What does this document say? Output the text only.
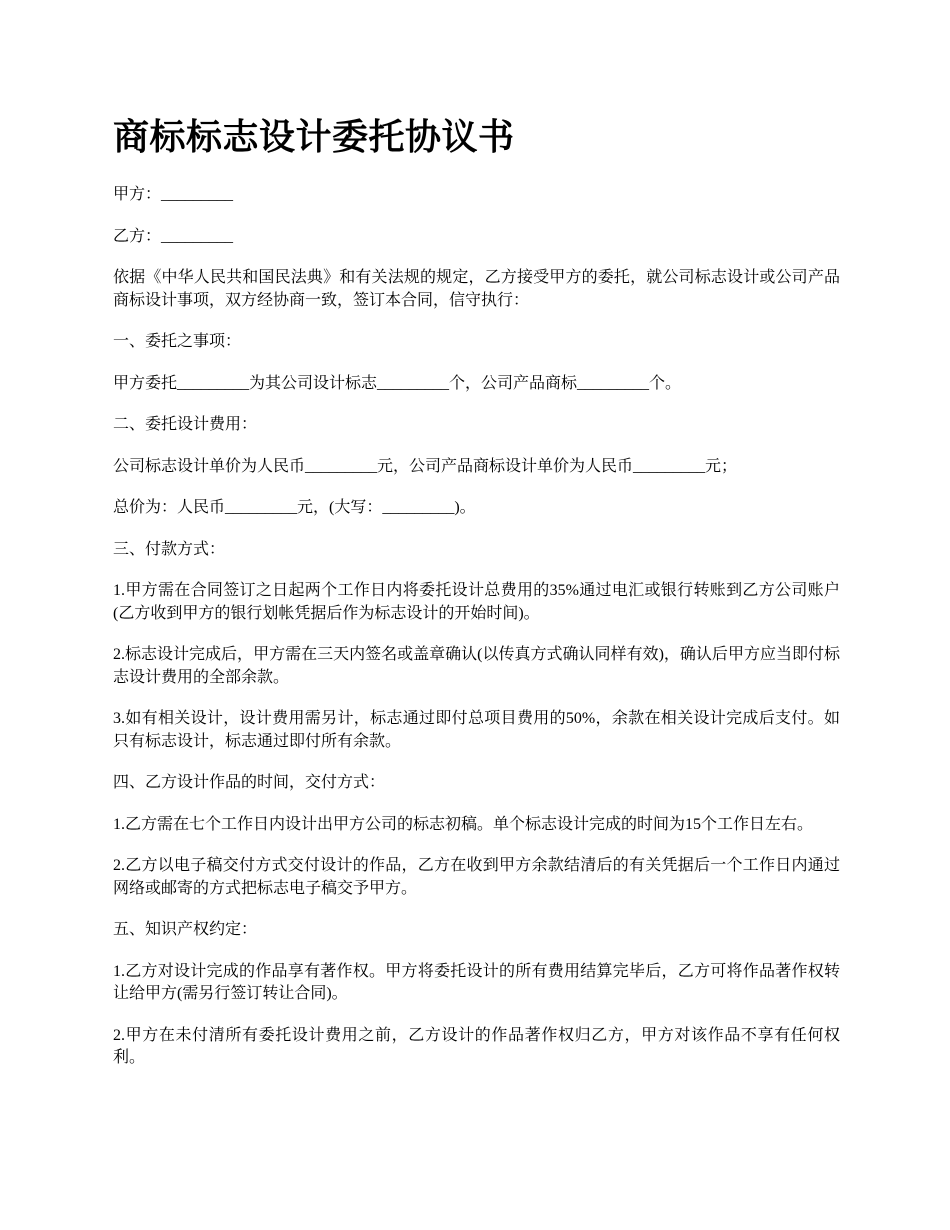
商标标志设计委托协议书

甲方：_________

乙方：_________

依据《中华人民共和国民法典》和有关法规的规定，乙方接受甲方的委托，就公司标志设计或公司产品商标设计事项，双方经协商一致，签订本合同，信守执行：

一、委托之事项：

甲方委托_________为其公司设计标志_________个，公司产品商标_________个。

二、委托设计费用：

公司标志设计单价为人民币_________元，公司产品商标设计单价为人民币_________元；

总价为：人民币_________元，(大写：_________)。

三、付款方式：

1.甲方需在合同签订之日起两个工作日内将委托设计总费用的35%通过电汇或银行转账到乙方公司账户(乙方收到甲方的银行划帐凭据后作为标志设计的开始时间)。

2.标志设计完成后，甲方需在三天内签名或盖章确认(以传真方式确认同样有效)，确认后甲方应当即付标志设计费用的全部余款。

3.如有相关设计，设计费用需另计，标志通过即付总项目费用的50%，余款在相关设计完成后支付。如只有标志设计，标志通过即付所有余款。

四、乙方设计作品的时间，交付方式：

1.乙方需在七个工作日内设计出甲方公司的标志初稿。单个标志设计完成的时间为15个工作日左右。

2.乙方以电子稿交付方式交付设计的作品，乙方在收到甲方余款结清后的有关凭据后一个工作日内通过网络或邮寄的方式把标志电子稿交予甲方。

五、知识产权约定：

1.乙方对设计完成的作品享有著作权。甲方将委托设计的所有费用结算完毕后，乙方可将作品著作权转让给甲方(需另行签订转让合同)。

2.甲方在未付清所有委托设计费用之前，乙方设计的作品著作权归乙方，甲方对该作品不享有任何权利。
